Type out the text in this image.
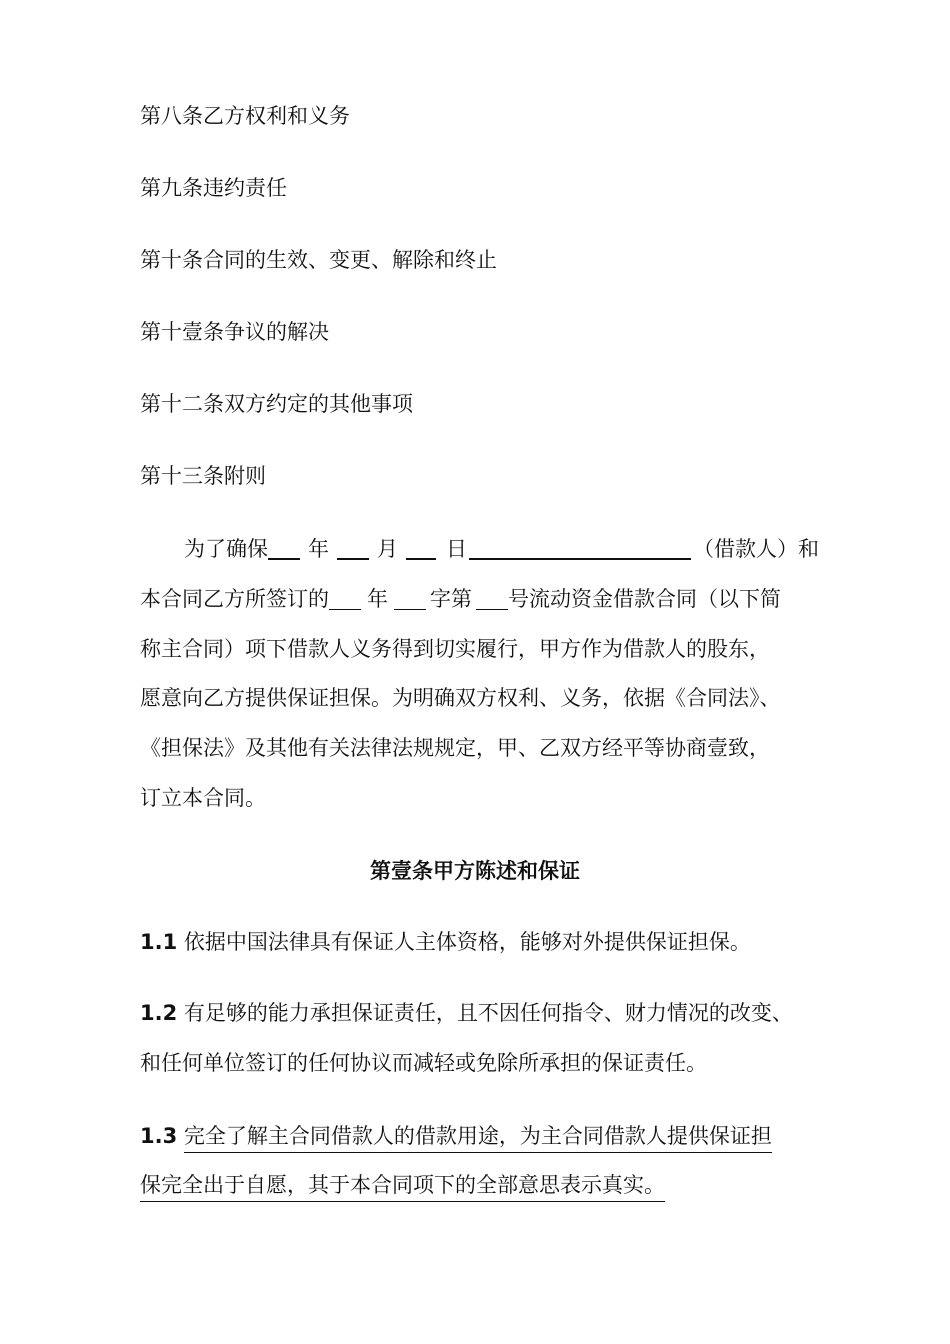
第八条乙方权利和义务
第九条违约责任
第十条合同的生效、变更、解除和终止
第十壹条争议的解决
第十二条双方约定的其他事项
第十三条附则
为了确保 年 月 日	（借款人）和
本合同乙方所签订的 年 字第 号流动资金借款合同（以下简
称主合同）项下借款人义务得到切实履行，甲方作为借款人的股东，
愿意向乙方提供保证担保。为明确双方权利、义务，依据《合同法》、
《担保法》及其他有关法律法规规定，甲、乙双方经平等协商壹致，
订立本合同。
第壹条甲方陈述和保证
1.1 依据中国法律具有保证人主体资格，能够对外提供保证担保。
1.2 有足够的能力承担保证责任，且不因任何指令、财力情况的改变、
和任何单位签订的任何协议而减轻或免除所承担的保证责任。
1.3 完全了解主合同借款人的借款用途，为主合同借款人提供保证担
保完全出于自愿，其于本合同项下的全部意思表示真实。
